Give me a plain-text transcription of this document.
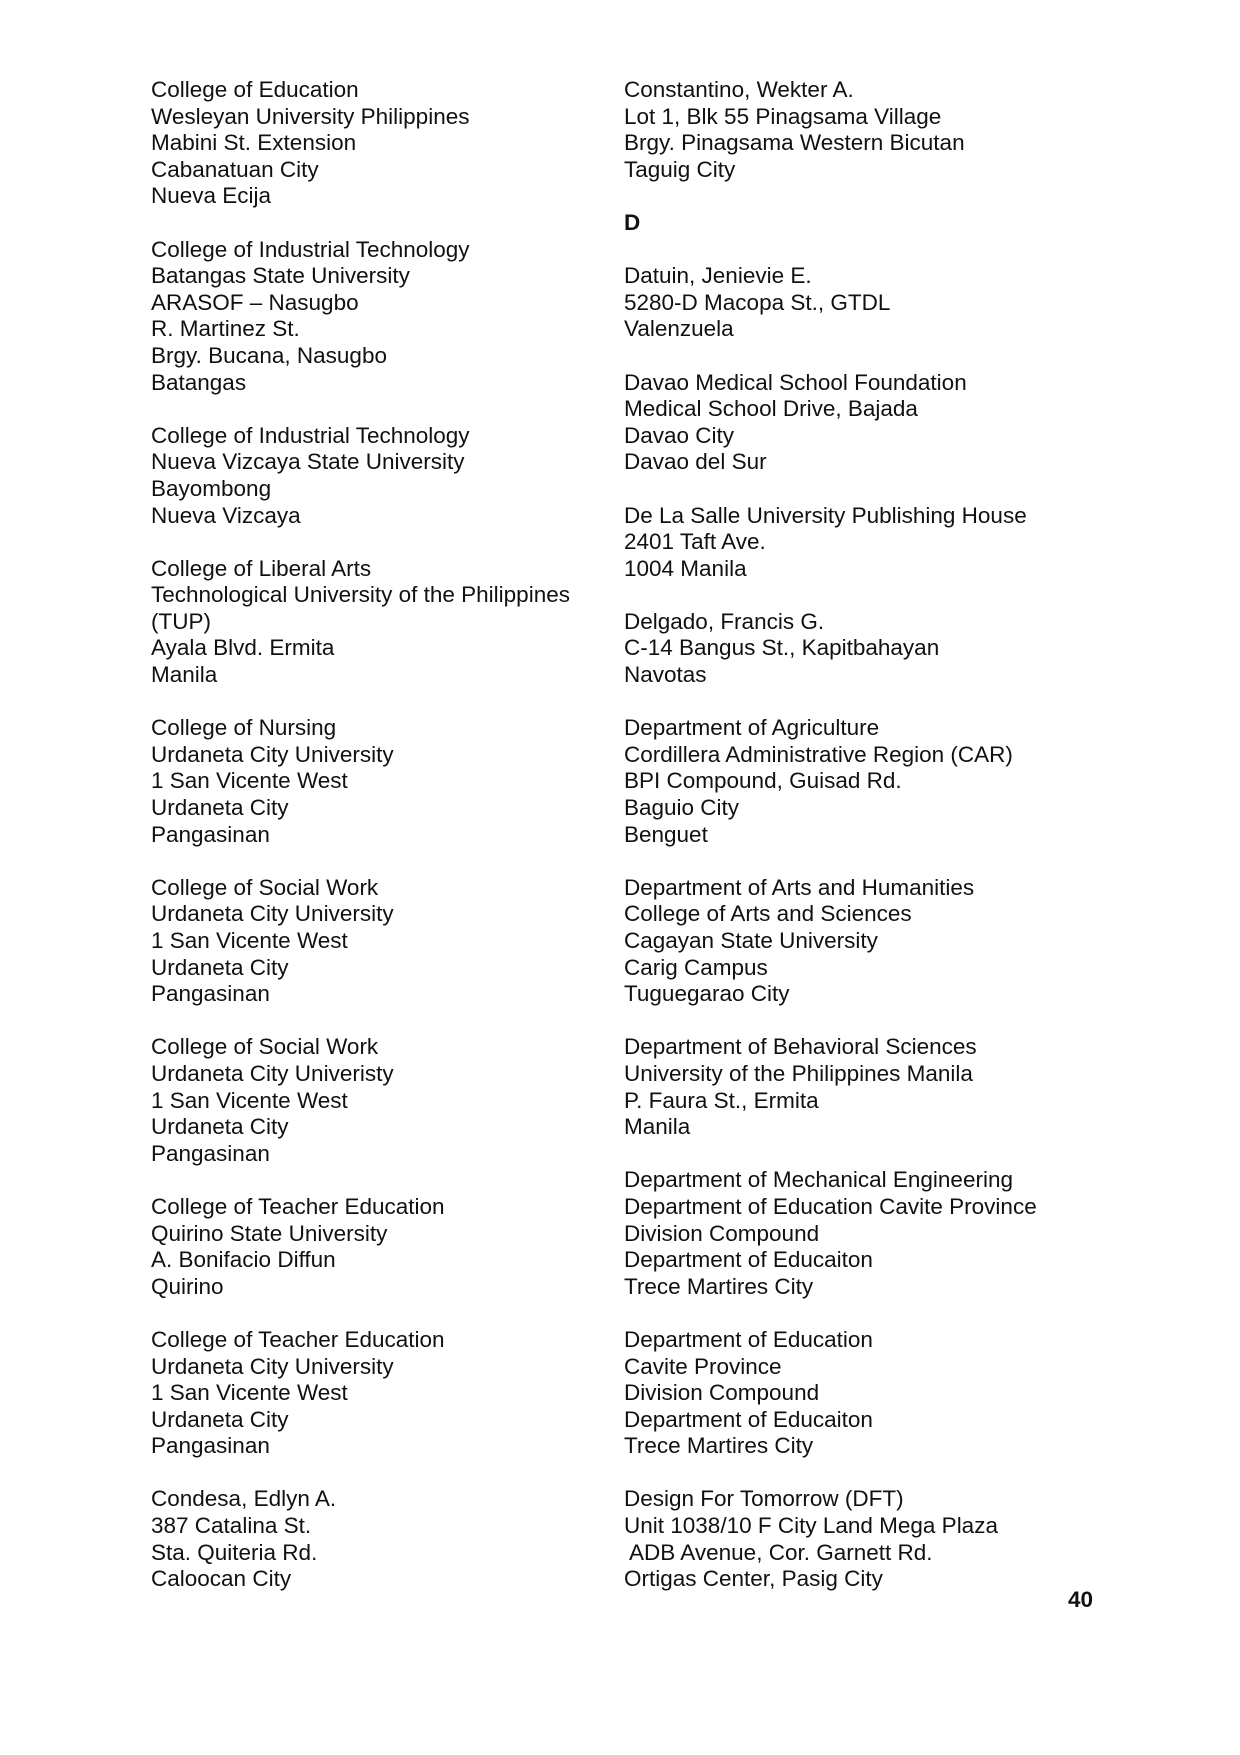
College of Education
Wesleyan University Philippines
Mabini St. Extension
Cabanatuan City
Nueva Ecija
College of Industrial Technology
Batangas State University
ARASOF – Nasugbo
R. Martinez St.
Brgy. Bucana, Nasugbo
Batangas
College of Industrial Technology
Nueva Vizcaya State University
Bayombong
Nueva Vizcaya
College of Liberal Arts
Technological University of the Philippines
(TUP)
Ayala Blvd. Ermita
Manila
College of Nursing
Urdaneta City University
1 San Vicente West
Urdaneta City
Pangasinan
College of Social Work
Urdaneta City University
1 San Vicente West
Urdaneta City
Pangasinan
College of Social Work
Urdaneta City Univeristy
1 San Vicente West
Urdaneta City
Pangasinan
College of Teacher Education
Quirino State University
A. Bonifacio Diffun
Quirino
College of Teacher Education
Urdaneta City University
1 San Vicente West
Urdaneta City
Pangasinan
Condesa, Edlyn A.
387 Catalina St.
Sta. Quiteria Rd.
Caloocan City
Constantino, Wekter A.
Lot 1, Blk 55 Pinagsama Village
Brgy. Pinagsama Western Bicutan
Taguig City
D
Datuin, Jenievie E.
5280-D Macopa St., GTDL
Valenzuela
Davao Medical School Foundation
Medical School Drive, Bajada
Davao City
Davao del Sur
De La Salle University Publishing House
2401 Taft Ave.
1004 Manila
Delgado, Francis G.
C-14 Bangus St., Kapitbahayan
Navotas
Department of Agriculture
Cordillera Administrative Region (CAR)
BPI Compound, Guisad Rd.
Baguio City
Benguet
Department of Arts and Humanities
College of Arts and Sciences
Cagayan State University
Carig Campus
Tuguegarao City
Department of Behavioral Sciences
University of the Philippines Manila
P. Faura St., Ermita
Manila
Department of Mechanical Engineering
Department of Education Cavite Province
Division Compound
Department of Educaiton
Trece Martires City
Department of Education
Cavite Province
Division Compound
Department of Educaiton
Trece Martires City
Design For Tomorrow (DFT)
Unit 1038/10 F City Land Mega Plaza
ADB Avenue, Cor. Garnett Rd.
Ortigas Center, Pasig City
40
